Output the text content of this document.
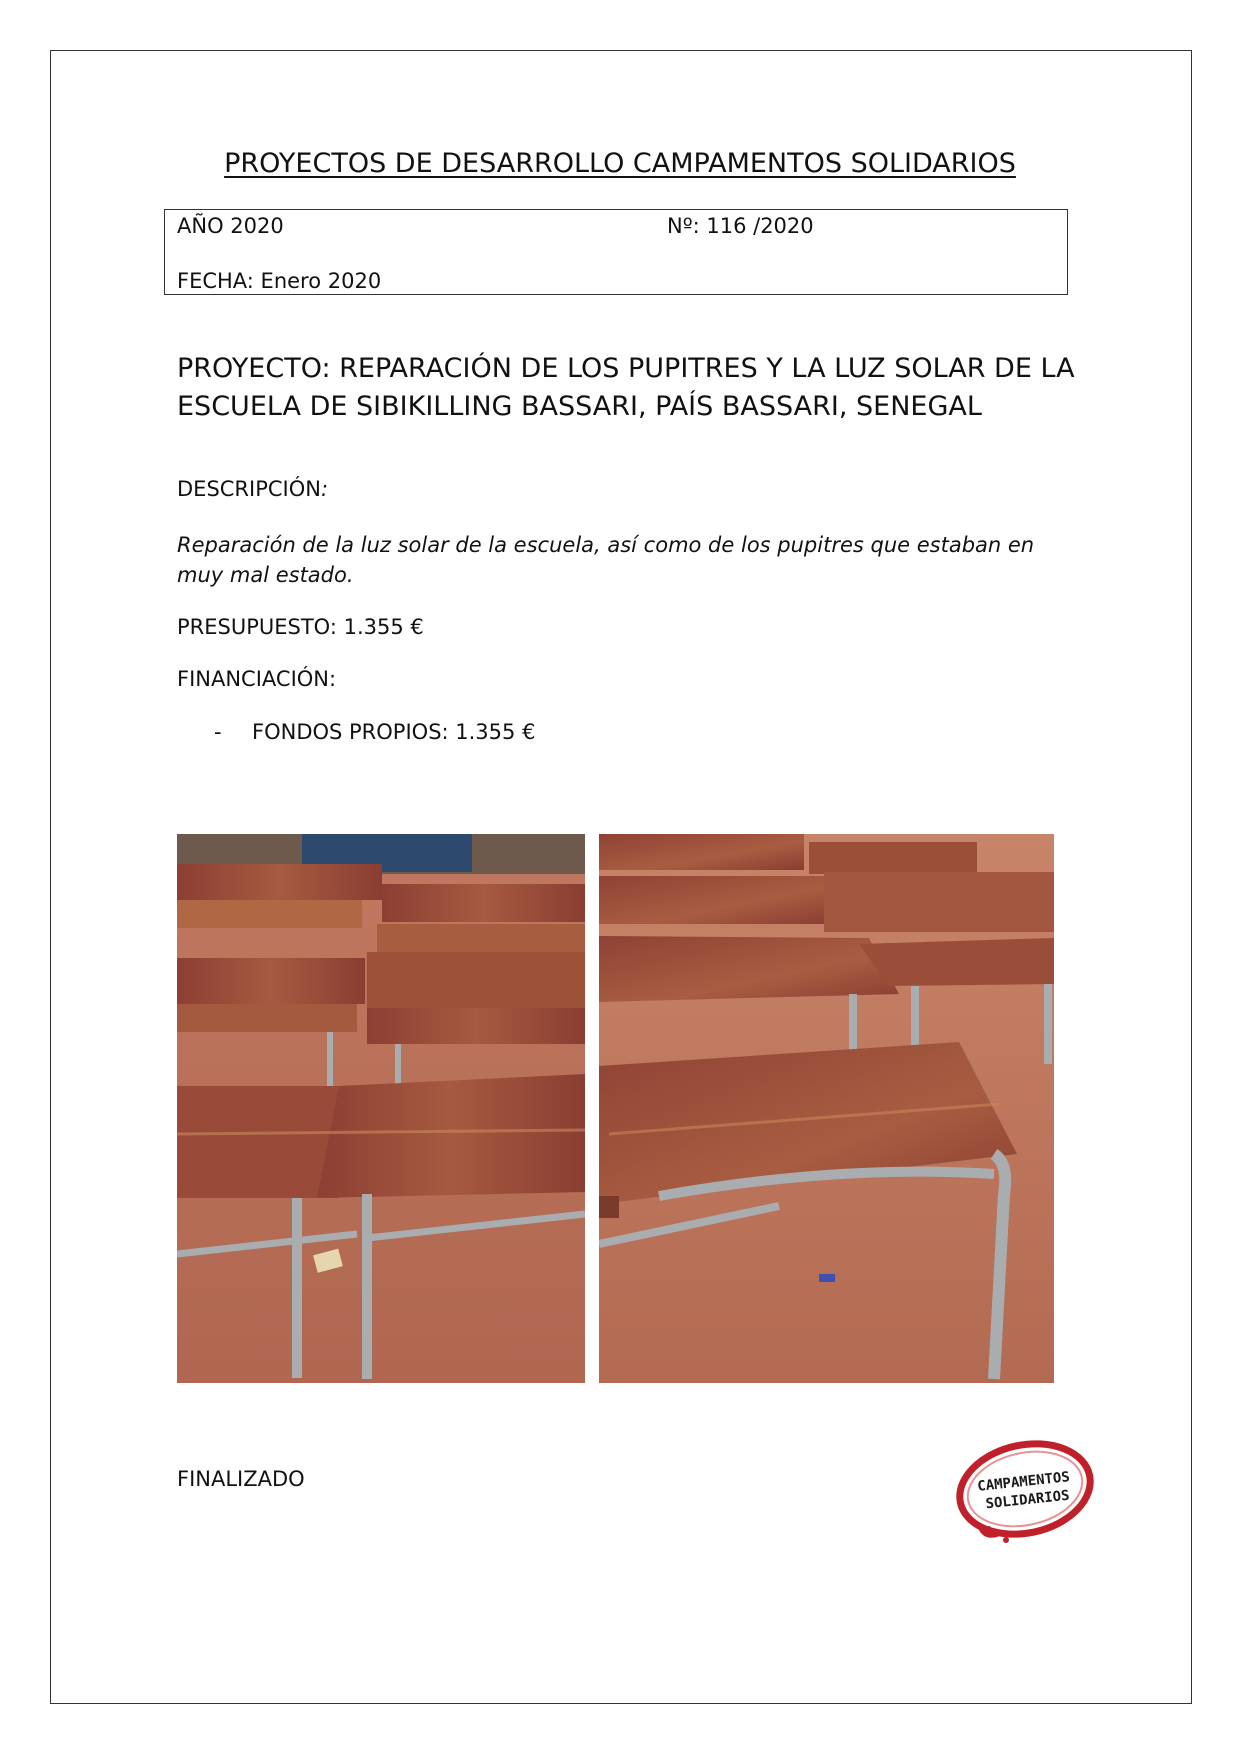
PROYECTOS DE DESARROLLO CAMPAMENTOS SOLIDARIOS
AÑO 2020	Nº: 116 /2020
FECHA: Enero 2020
PROYECTO: REPARACIÓN DE LOS PUPITRES Y LA LUZ SOLAR DE LA ESCUELA DE SIBIKILLING BASSARI, PAÍS BASSARI, SENEGAL
DESCRIPCIÓN:
Reparación de la luz solar de la escuela, así como de los pupitres que estaban en muy mal estado.
PRESUPUESTO: 1.355 €
FINANCIACIÓN:
- FONDOS PROPIOS: 1.355 €
FINALIZADO	CAMPAMENTOS
SOLIDARIOS
